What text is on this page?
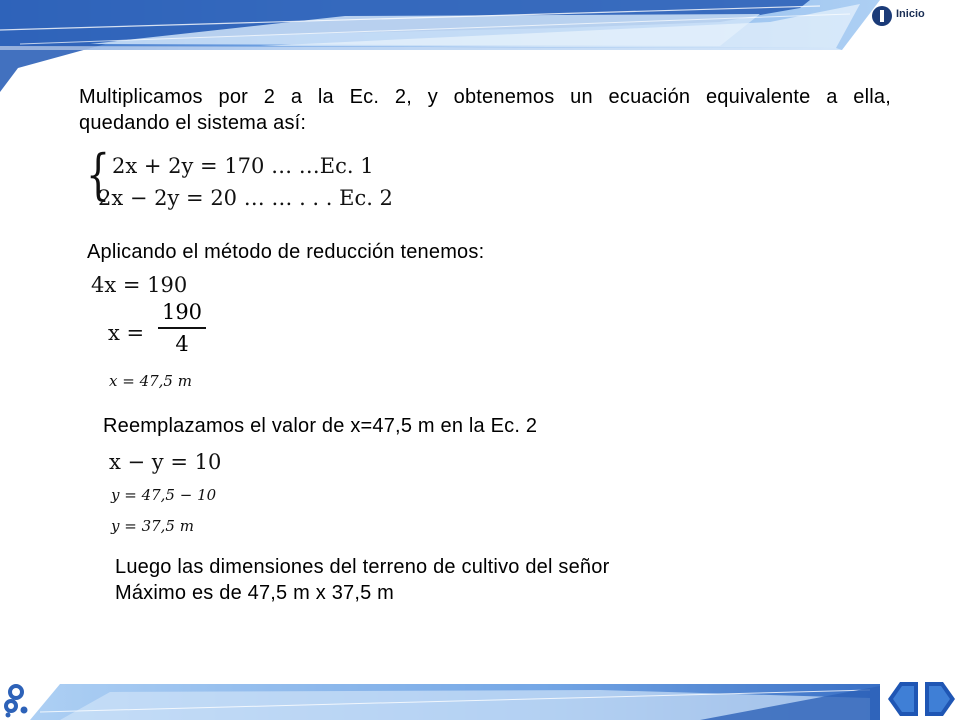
Inicio
Multiplicamos por 2 a la Ec. 2, y obtenemos un ecuación equivalente a ella,
quedando el sistema así:
{ 2x + 2y = 170 … …Ec. 1
2x − 2y = 20 … … . . . Ec. 2
Aplicando el método de reducción tenemos:
4x = 190
x =
190
4
x = 47,5 m
Reemplazamos el valor de x=47,5 m en la Ec. 2
x − y = 10
y = 47,5 − 10
y = 37,5 m
Luego las dimensiones del terreno de cultivo del señor
Máximo es de 47,5 m x 37,5 m
